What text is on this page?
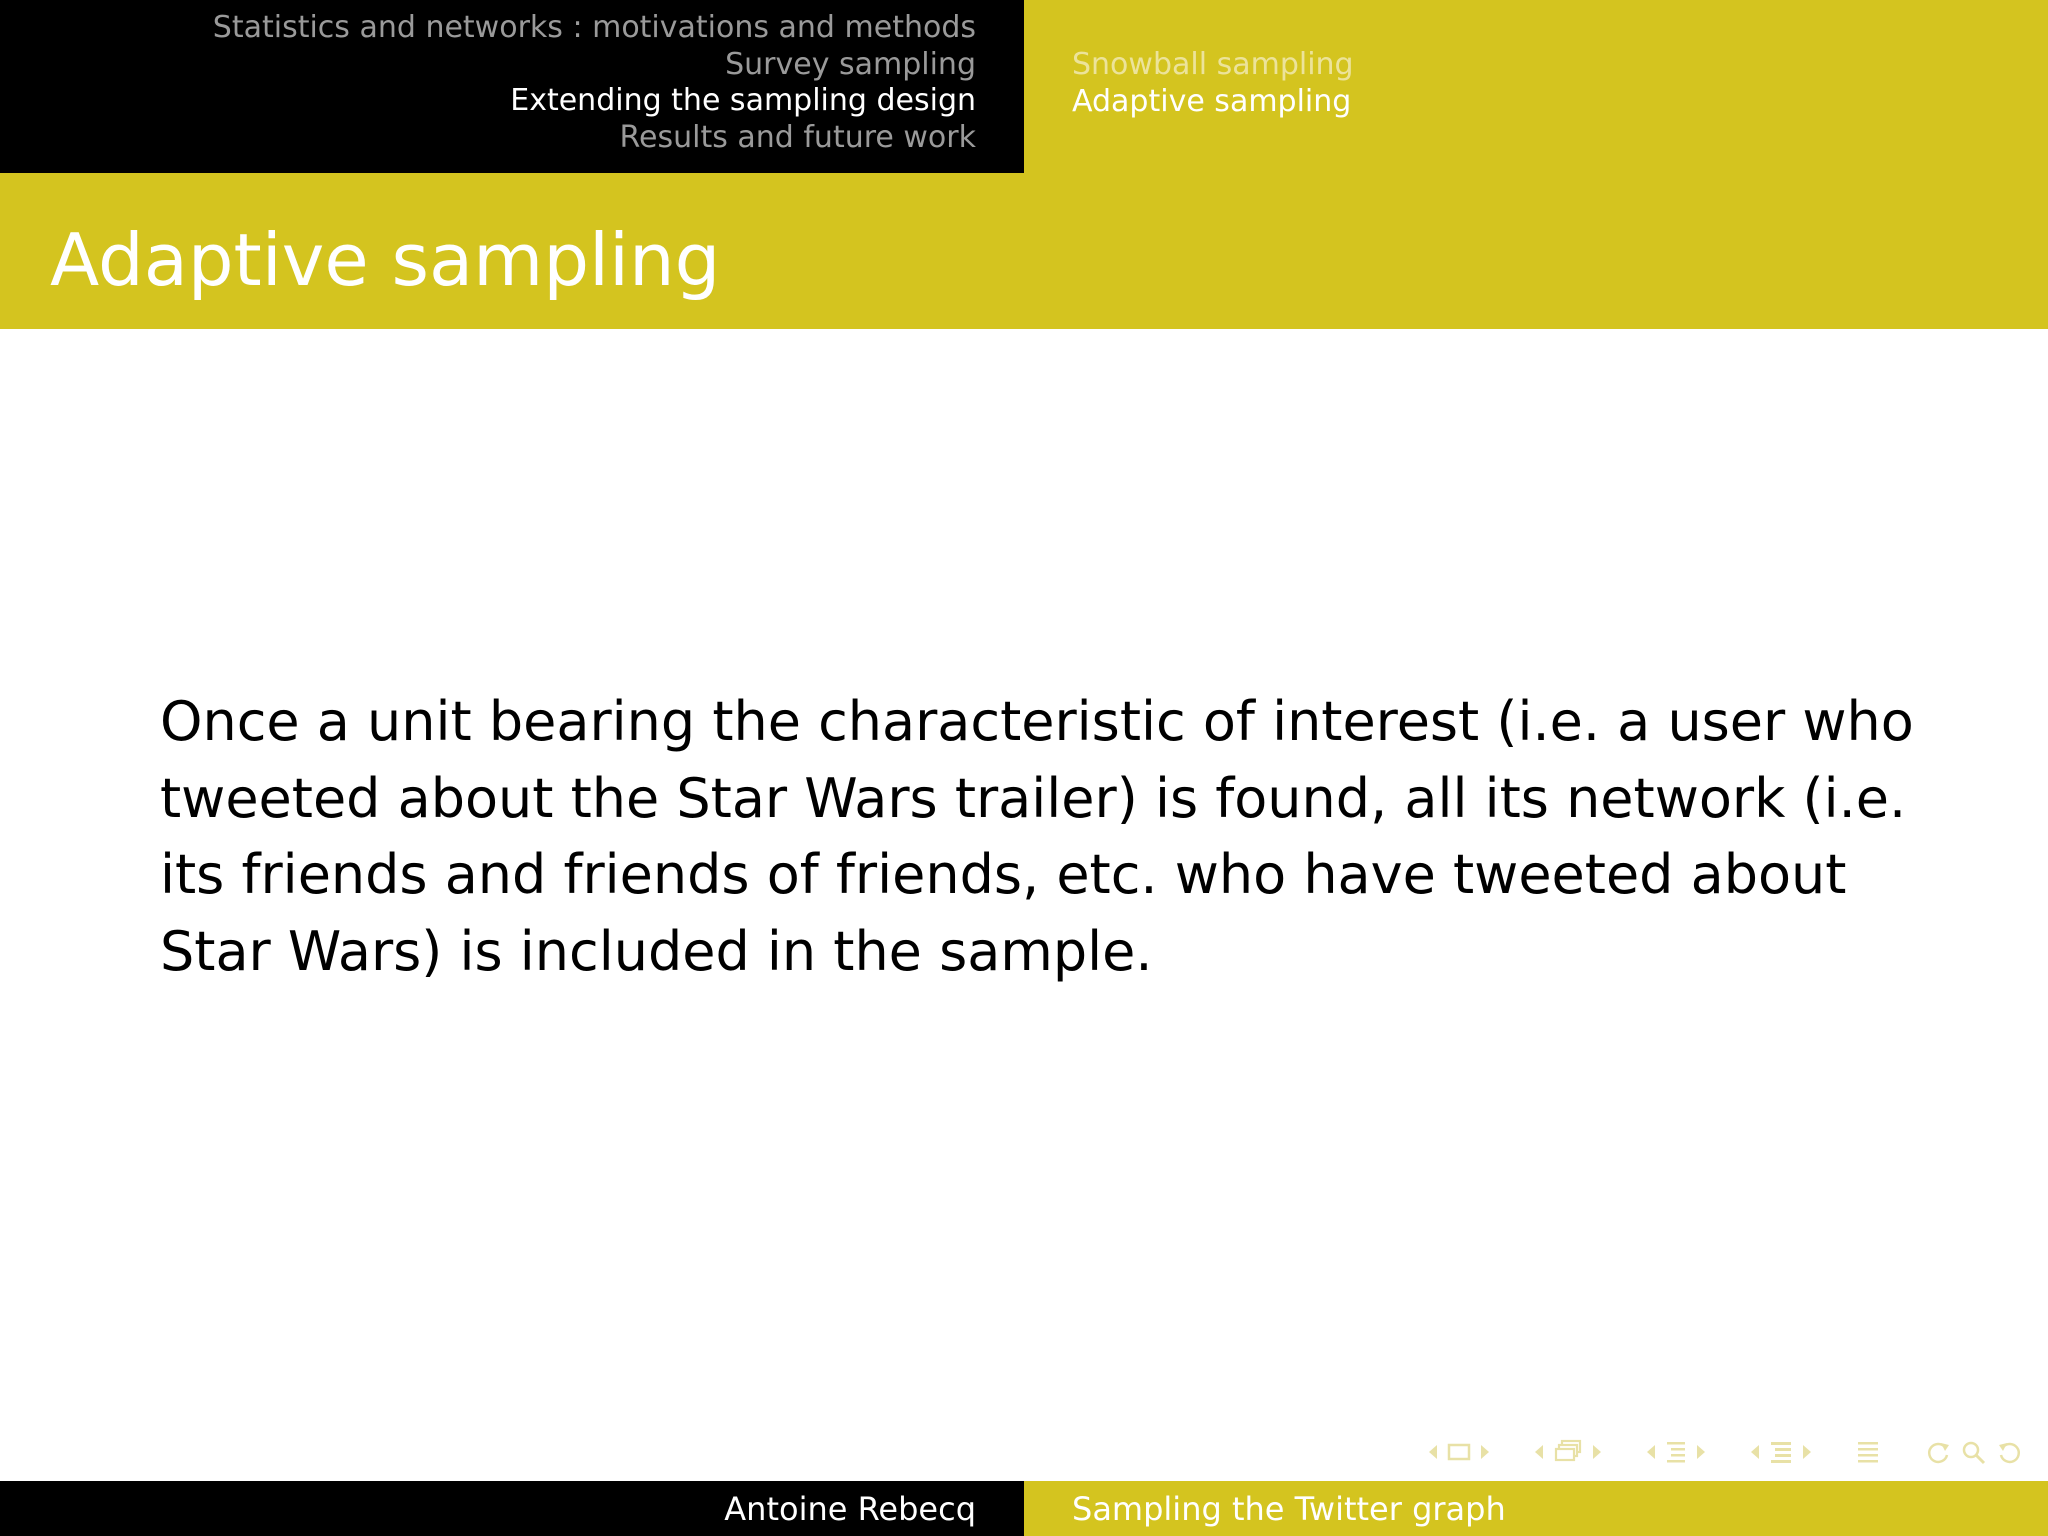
Statistics and networks : motivations and methods
Survey sampling
Extending the sampling design
Results and future work
Snowball sampling
Adaptive sampling
Adaptive sampling

Once a unit bearing the characteristic of interest (i.e. a user who tweeted about the Star Wars trailer) is found, all its network (i.e. its friends and friends of friends, etc. who have tweeted about Star Wars) is included in the sample.

Antoine Rebecq	Sampling the Twitter graph
